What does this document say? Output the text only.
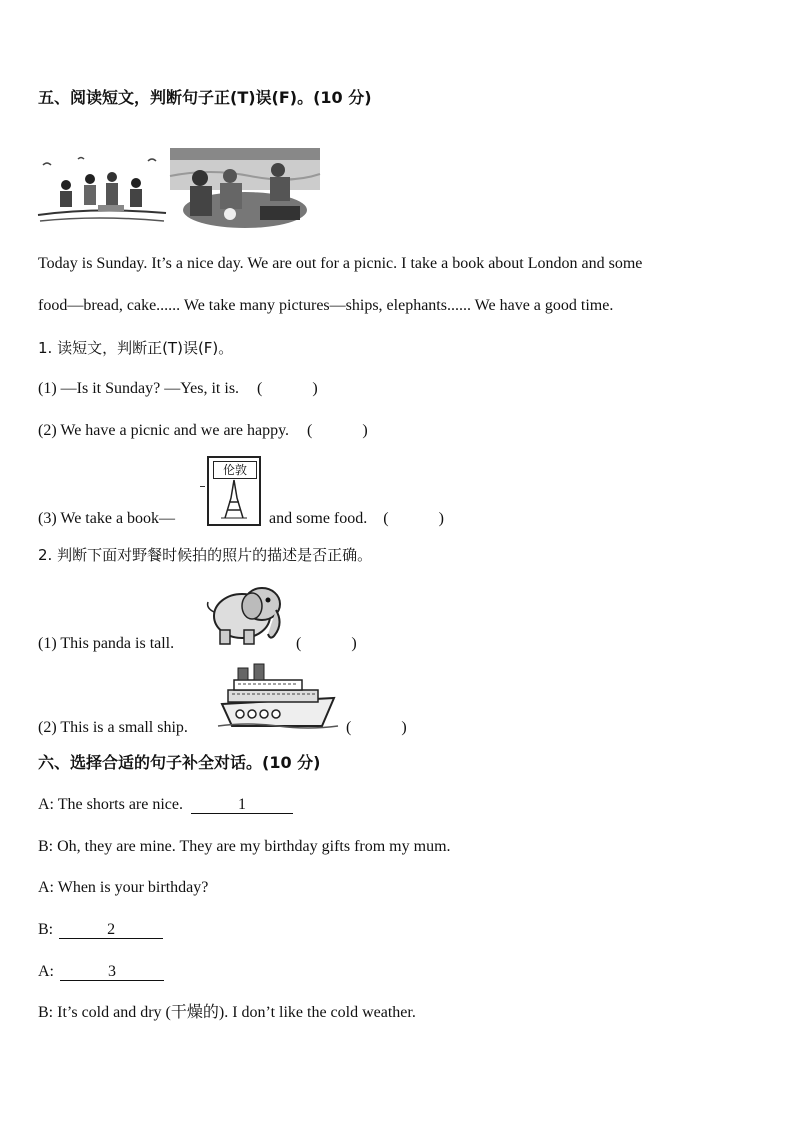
五、阅读短文，判断句子正(T)误(F)。(10 分)
Today is Sunday. It’s a nice day. We are out for a picnic. I take a book about London and some
food—bread, cake...... We take many pictures—ships, elephants...... We have a good time.
1. 读短文，判断正(T)误(F)。
(1) —Is it Sunday? —Yes, it is. (	)
(2) We have a picnic and we are happy. (	)
(3) We take a book—	and some food. (	)
伦敦
2. 判断下面对野餐时候拍的照片的描述是否正确。
(1) This panda is tall.	(	)
(2) This is a small ship.	(	)
六、选择合适的句子补全对话。(10 分)
A: The shorts are nice.	1
B: Oh, they are mine. They are my birthday gifts from my mum.
A: When is your birthday?
B:	2
A:	3
B: It’s cold and dry (干燥的). I don’t like the cold weather.
